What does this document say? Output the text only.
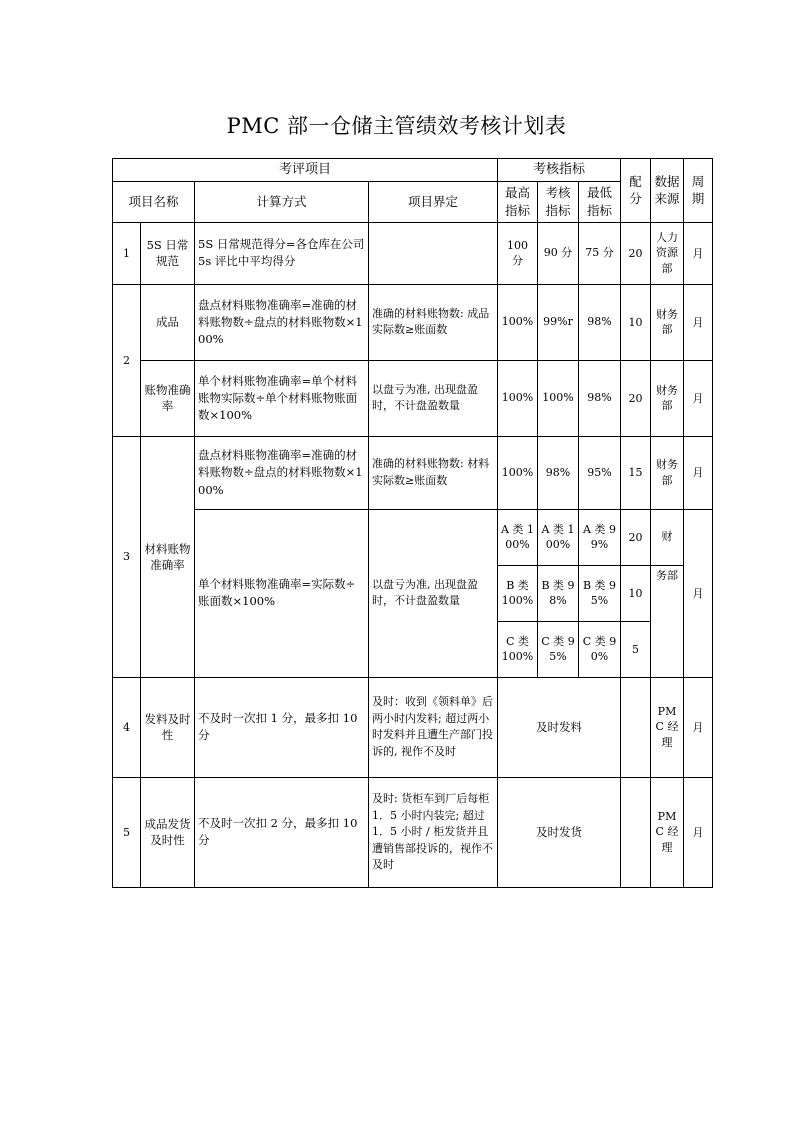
PMC 部一仓储主管绩效考核计划表
考评项目				考核指标			配分	数据来源	周期
项目名称		计算方式	项目界定	最高指标	考核指标	最低指标			
1	5S 日常规范	5S 日常规范得分=各仓库在公司 5s 评比中平均得分		100 分	90 分	75 分	20	人力资源部	月
2	成品	盘点材料账物准确率=准确的材料账物数÷盘点的材料账物数×100%	准确的材料账物数: 成品实际数≥账面数	100%	99%r	98%	10	财务部	月
	账物准确率	单个材料账物准确率=单个材料账物实际数÷单个材料账物账面数×100%	以盘亏为准, 出现盘盈时，不计盘盈数量	100%	100%	98%	20	财务部	月
3	材料账物准确率	盘点材料账物准确率=准确的材料账物数÷盘点的材料账物数×100%	准确的材料账物数: 材料实际数≥账面数	100%	98%	95%	15	财务部	月
		单个材料账物准确率=实际数÷账面数×100%	以盘亏为准, 出现盘盈时，不计盘盈数量	A 类 100%	A 类 100%	A 类 99%	20	财	月
				B 类 100%	B 类 98%	B 类 95%	10	务部	
				C 类 100%	C 类 95%	C 类 90%	5		
4	发料及时性	不及时一次扣 1 分，最多扣 10 分	及时：收到《领料单》后两小时内发料; 超过两小时发料并且遭生产部门投诉的, 视作不及时	及时发料				PMC 经理	月
5	成品发货及时性	不及时一次扣 2 分，最多扣 10 分	及时: 货柜车到厂后每柜1．5 小时内装完; 超过1．5 小时 / 柜发货并且遭销售部投诉的，视作不及时	及时发货				PMC 经理	月
